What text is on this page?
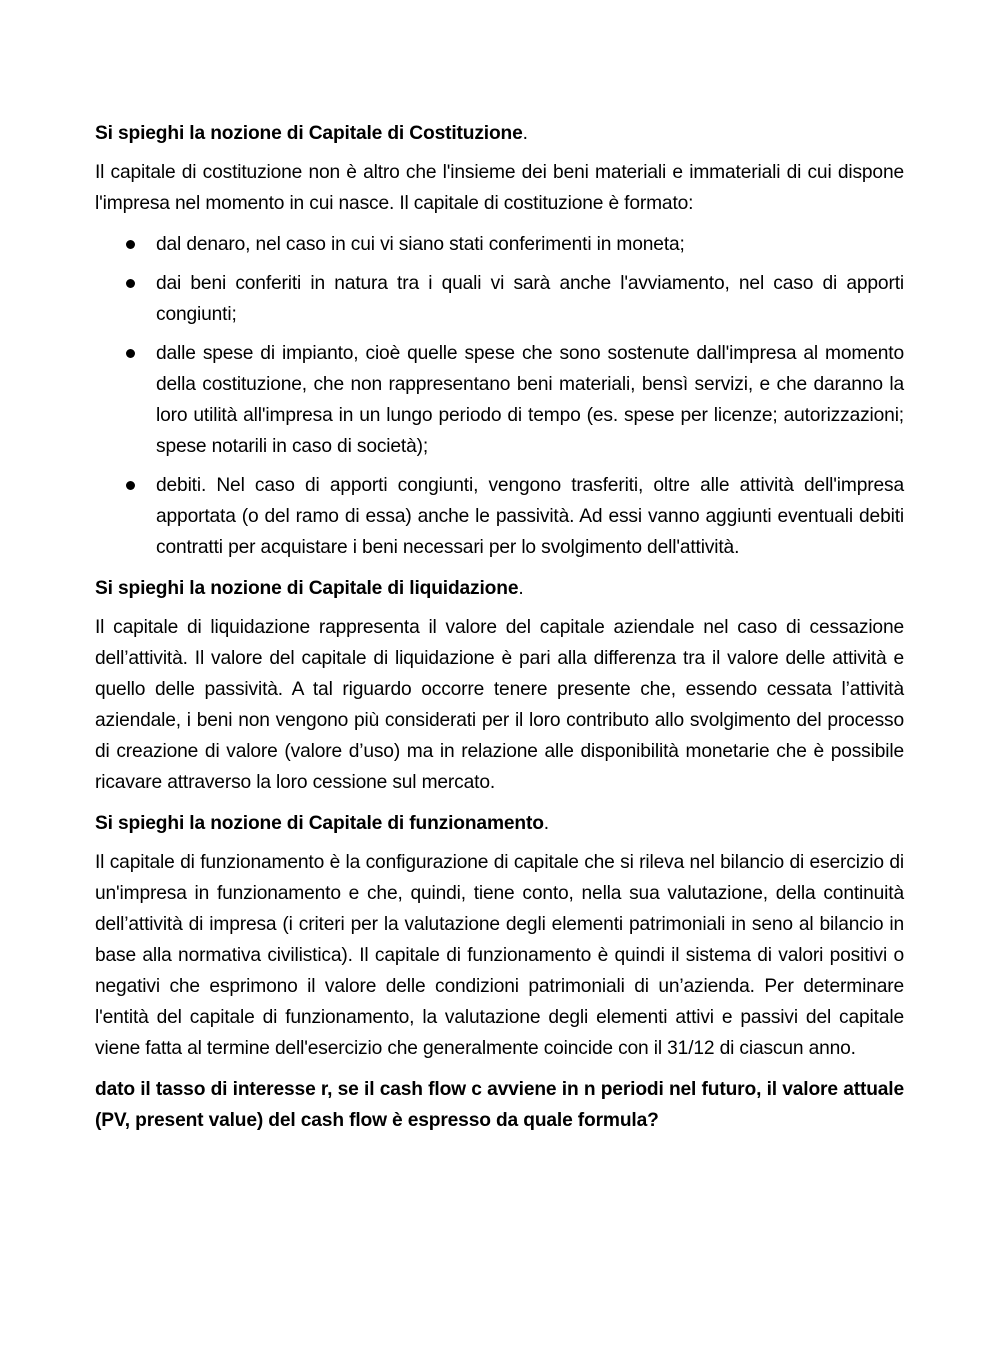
Si spieghi la nozione di Capitale di Costituzione.

Il capitale di costituzione non è altro che l'insieme dei beni materiali e immateriali di cui dispone l'impresa nel momento in cui nasce. Il capitale di costituzione è formato:

dal denaro, nel caso in cui vi siano stati conferimenti in moneta;
dai beni conferiti in natura tra i quali vi sarà anche l'avviamento, nel caso di apporti congiunti;
dalle spese di impianto, cioè quelle spese che sono sostenute dall'impresa al momento della costituzione, che non rappresentano beni materiali, bensì servizi, e che daranno la loro utilità all'impresa in un lungo periodo di tempo (es. spese per licenze; autorizzazioni; spese notarili in caso di società);
debiti. Nel caso di apporti congiunti, vengono trasferiti, oltre alle attività dell'impresa apportata (o del ramo di essa) anche le passività. Ad essi vanno aggiunti eventuali debiti contratti per acquistare i beni necessari per lo svolgimento dell'attività.

Si spieghi la nozione di Capitale di liquidazione.

Il capitale di liquidazione rappresenta il valore del capitale aziendale nel caso di cessazione dell’attività. Il valore del capitale di liquidazione è pari alla differenza tra il valore delle attività e quello delle passività. A tal riguardo occorre tenere presente che, essendo cessata l’attività aziendale, i beni non vengono più considerati per il loro contributo allo svolgimento del processo di creazione di valore (valore d’uso) ma in relazione alle disponibilità monetarie che è possibile ricavare attraverso la loro cessione sul mercato.

Si spieghi la nozione di Capitale di funzionamento.

Il capitale di funzionamento è la configurazione di capitale che si rileva nel bilancio di esercizio di un'impresa in funzionamento e che, quindi, tiene conto, nella sua valutazione, della continuità dell’attività di impresa (i criteri per la valutazione degli elementi patrimoniali in seno al bilancio in base alla normativa civilistica). Il capitale di funzionamento è quindi il sistema di valori positivi o negativi che esprimono il valore delle condizioni patrimoniali di un’azienda. Per determinare l'entità del capitale di funzionamento, la valutazione degli elementi attivi e passivi del capitale viene fatta al termine dell'esercizio che generalmente coincide con il 31/12 di ciascun anno.

dato il tasso di interesse r, se il cash flow c avviene in n periodi nel futuro, il valore attuale (PV, present value) del cash flow è espresso da quale formula?
